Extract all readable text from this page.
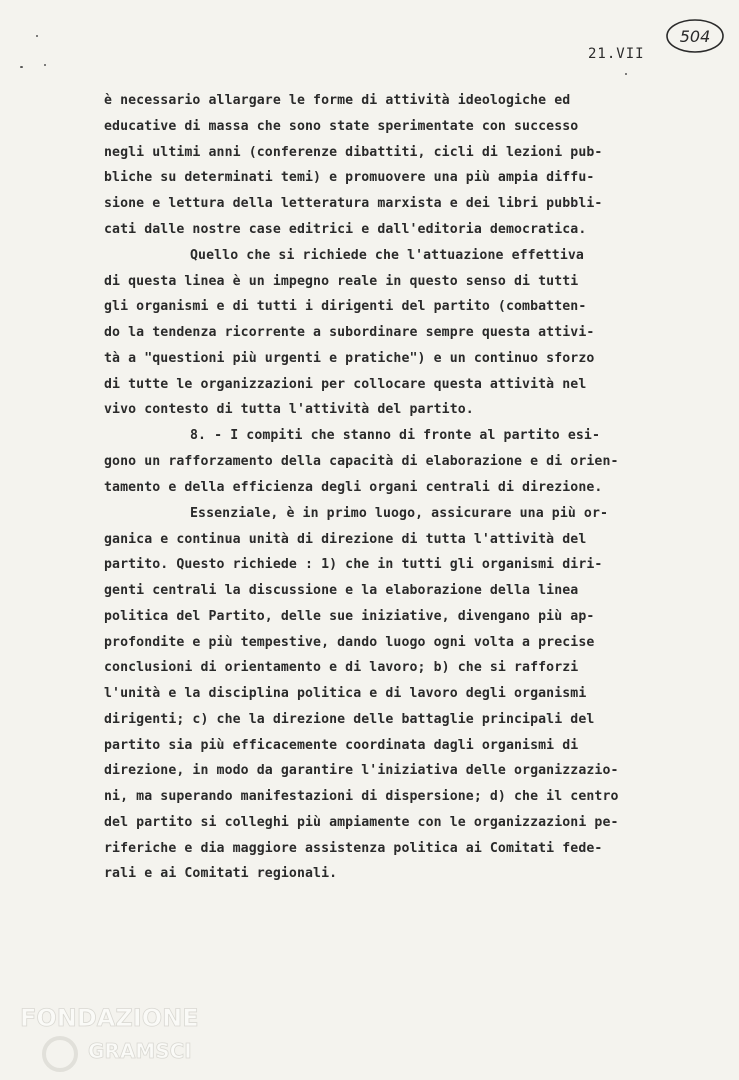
21.VII
504

è necessario allargare le forme di attività ideologiche ed

educative di massa che sono state sperimentate con successo

negli ultimi anni (conferenze dibattiti, cicli di lezioni pub-

bliche su determinati temi) e promuovere una più ampia diffu-

sione e lettura della letteratura marxista e dei libri pubbli-

cati dalle nostre case editrici e dall'editoria democratica.

Quello che si richiede che l'attuazione effettiva

di questa linea è un impegno reale in questo senso di tutti

gli organismi e di tutti i dirigenti del partito (combatten-

do la tendenza ricorrente a subordinare sempre questa attivi-

tà a "questioni più urgenti e pratiche") e un continuo sforzo

di tutte le organizzazioni per collocare questa attività nel

vivo contesto di tutta l'attività del partito.

8. - I compiti che stanno di fronte al partito esi-

gono un rafforzamento della capacità di elaborazione e di orien-

tamento e della efficienza degli organi centrali di direzione.

Essenziale, è in primo luogo, assicurare una più or-

ganica e continua unità di direzione di tutta l'attività del

partito. Questo richiede : 1) che in tutti gli organismi diri-

genti centrali la discussione e la elaborazione della linea

politica del Partito, delle sue iniziative, divengano più ap-

profondite e più tempestive, dando luogo ogni volta a precise

conclusioni di orientamento e di lavoro; b) che si rafforzi

l'unità e la disciplina politica e di lavoro degli organismi

dirigenti; c) che la direzione delle battaglie principali del

partito sia più efficacemente coordinata dagli organismi di

direzione, in modo da garantire l'iniziativa delle organizzazio-

ni, ma superando manifestazioni di dispersione; d) che il centro

del partito si colleghi più ampiamente con le organizzazioni pe-

riferiche e dia maggiore assistenza politica ai Comitati fede-

rali e ai Comitati regionali.

FONDAZIONE
GRAMSCI
